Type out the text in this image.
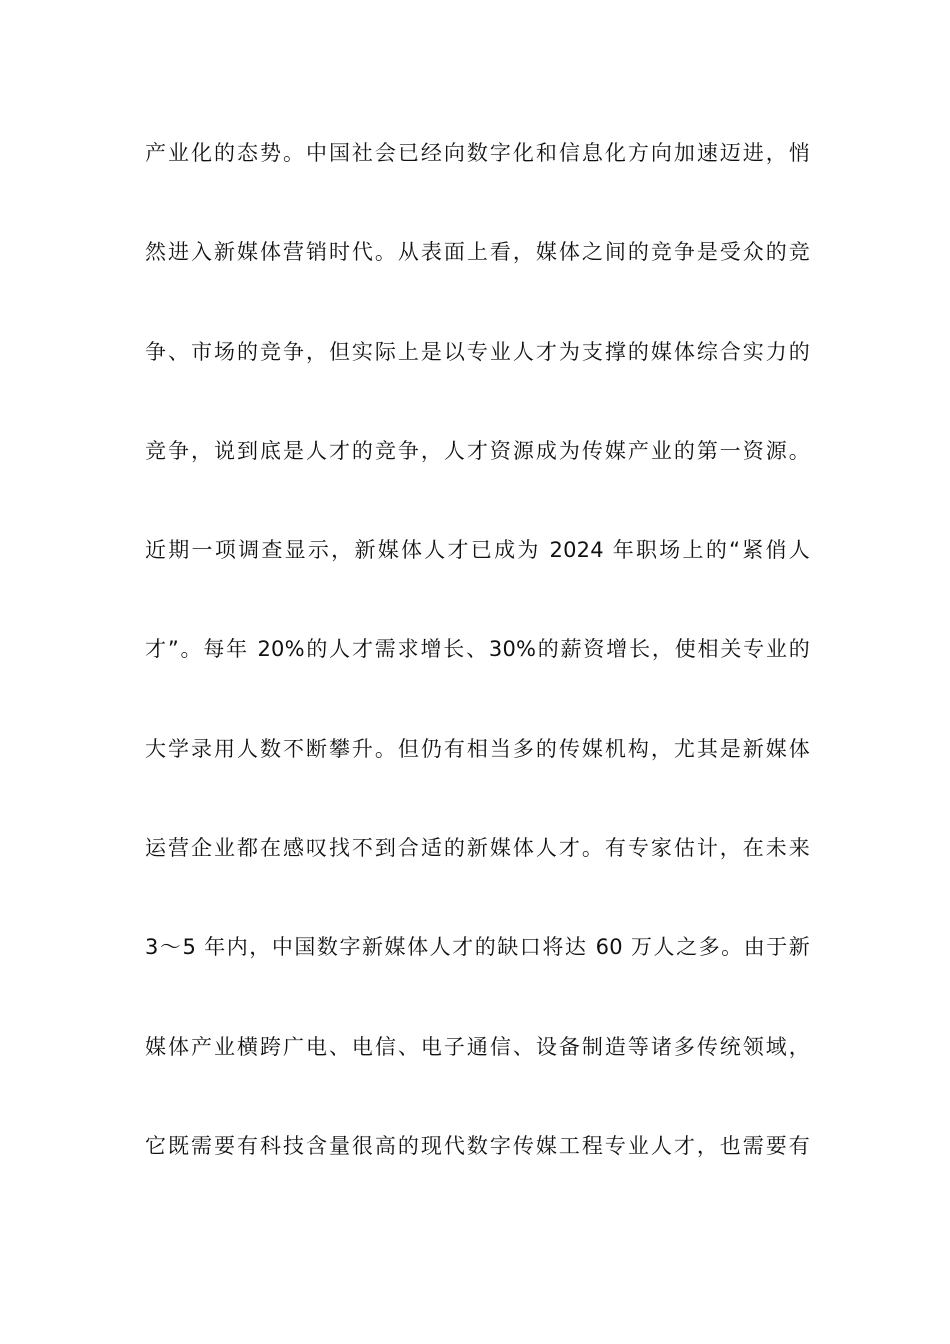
产业化的态势。中国社会已经向数字化和信息化方向加速迈进，悄
然进入新媒体营销时代。从表面上看，媒体之间的竞争是受众的竞
争、市场的竞争，但实际上是以专业人才为支撑的媒体综合实力的
竞争，说到底是人才的竞争，人才资源成为传媒产业的第一资源。
近期一项调查显示，新媒体人才已成为 2024 年职场上的“紧俏人
才”。每年 20%的人才需求增长、30%的薪资增长，使相关专业的
大学录用人数不断攀升。但仍有相当多的传媒机构，尤其是新媒体
运营企业都在感叹找不到合适的新媒体人才。有专家估计，在未来
3～5 年内，中国数字新媒体人才的缺口将达 60 万人之多。由于新
媒体产业横跨广电、电信、电子通信、设备制造等诸多传统领域，
它既需要有科技含量很高的现代数字传媒工程专业人才，也需要有
